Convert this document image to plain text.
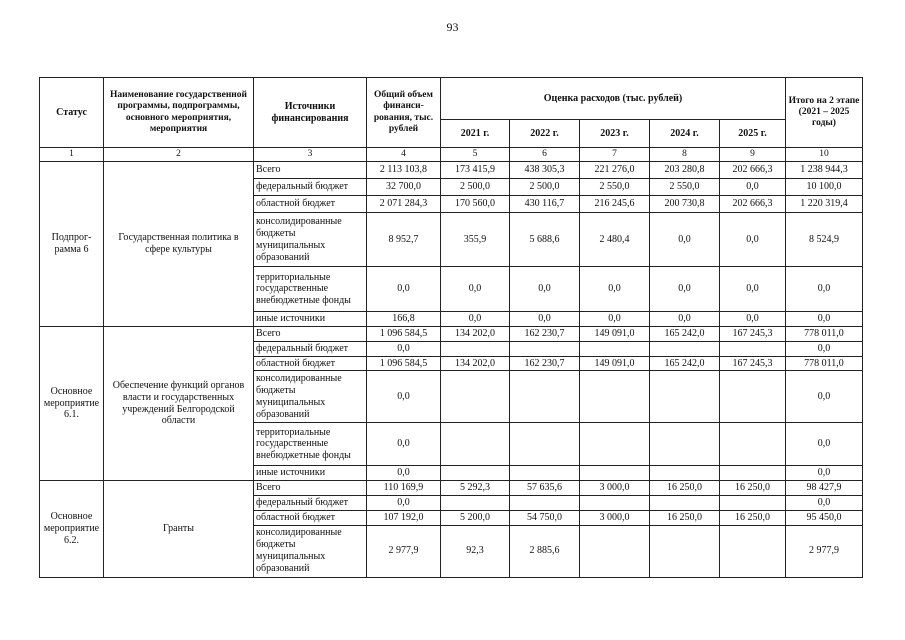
93
Статус	Наименование государственной программы, подпрограммы, основного мероприятия, мероприятия	Источники финансирования	Общий объем финанси-рования, тыс. рублей	Оценка расходов (тыс. рублей)					Итого на 2 этапе (2021 – 2025 годы)
				2021 г.	2022 г.	2023 г.	2024 г.	2025 г.	
1	2	3	4	5	6	7	8	9	10
Подпрог-рамма 6	Государственная политика в сфере культуры	Всего	2 113 103,8	173 415,9	438 305,3	221 276,0	203 280,8	202 666,3	1 238 944,3
		федеральный бюджет	32 700,0	2 500,0	2 500,0	2 550,0	2 550,0	0,0	10 100,0
		областной бюджет	2 071 284,3	170 560,0	430 116,7	216 245,6	200 730,8	202 666,3	1 220 319,4
		консолидированные бюджеты муниципальных образований	8 952,7	355,9	5 688,6	2 480,4	0,0	0,0	8 524,9
		территориальные государственные внебюджетные фонды	0,0	0,0	0,0	0,0	0,0	0,0	0,0
		иные источники	166,8	0,0	0,0	0,0	0,0	0,0	0,0
Основное мероприятие 6.1.	Обеспечение функций органов власти и государственных учреждений Белгородской области	Всего	1 096 584,5	134 202,0	162 230,7	149 091,0	165 242,0	167 245,3	778 011,0
		федеральный бюджет	0,0						0,0
		областной бюджет	1 096 584,5	134 202,0	162 230,7	149 091,0	165 242,0	167 245,3	778 011,0
		консолидированные бюджеты муниципальных образований	0,0						0,0
		территориальные государственные внебюджетные фонды	0,0						0,0
		иные источники	0,0						0,0
Основное мероприятие 6.2.	Гранты	Всего	110 169,9	5 292,3	57 635,6	3 000,0	16 250,0	16 250,0	98 427,9
		федеральный бюджет	0,0						0,0
		областной бюджет	107 192,0	5 200,0	54 750,0	3 000,0	16 250,0	16 250,0	95 450,0
		консолидированные бюджеты муниципальных образований	2 977,9	92,3	2 885,6				2 977,9
